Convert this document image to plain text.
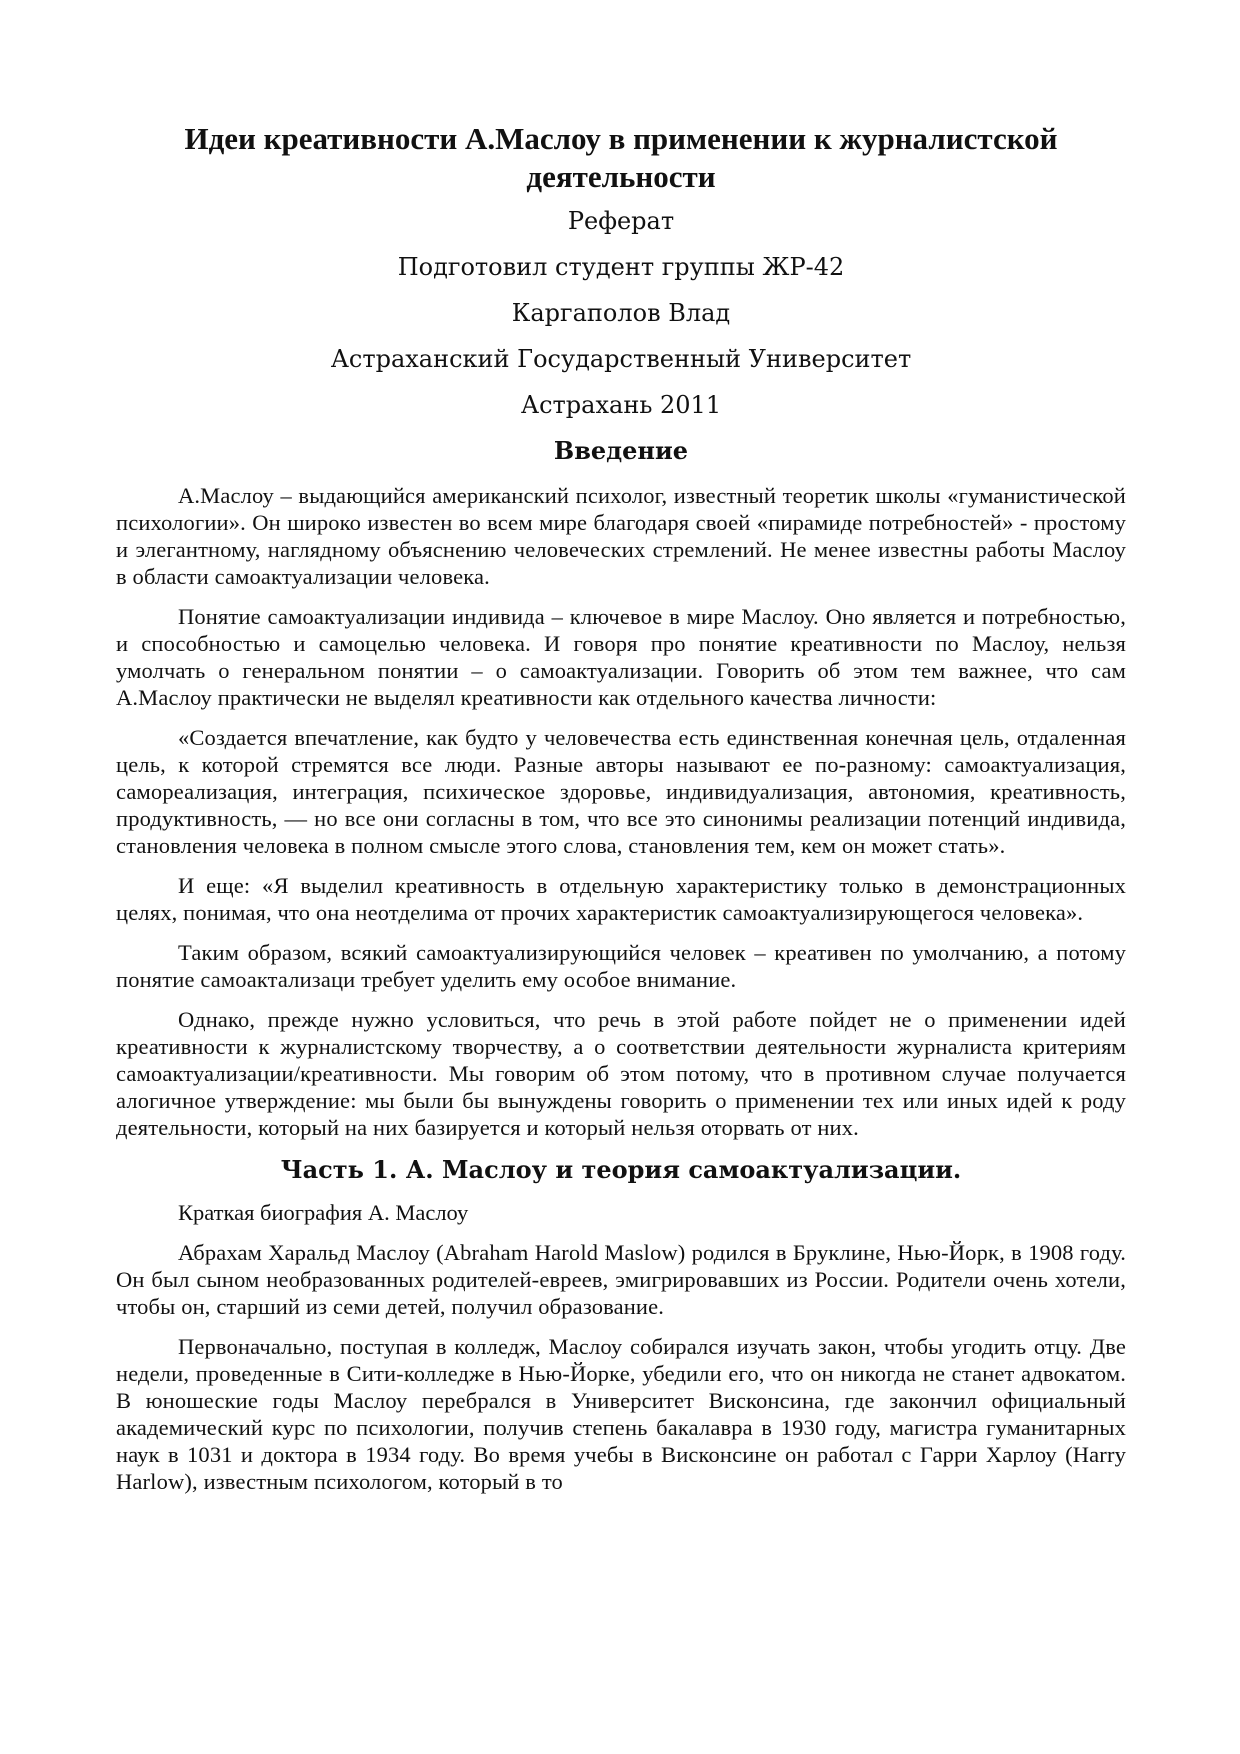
Идеи креативности А.Маслоу в применении к журналистской деятельности
Реферат
Подготовил студент группы ЖР-42
Каргаполов Влад
Астраханский Государственный Университет
Астрахань 2011
Введение

А.Маслоу – выдающийся американский психолог, известный теоретик школы «гуманистической психологии». Он широко известен во всем мире благодаря своей «пирамиде потребностей» - простому и элегантному, наглядному объяснению человеческих стремлений. Не менее известны работы Маслоу в области самоактуализации человека.

Понятие самоактуализации индивида – ключевое в мире Маслоу. Оно является и потребностью, и способностью и самоцелью человека. И говоря про понятие креативности по Маслоу, нельзя умолчать о генеральном понятии – о самоактуализации. Говорить об этом тем важнее, что сам А.Маслоу практически не выделял креативности как отдельного качества личности:

«Создается впечатление, как будто у человечества есть единственная конечная цель, отдаленная цель, к которой стремятся все люди. Разные авторы называют ее по-разному: самоактуализация, самореализация, интеграция, психическое здоровье, индивидуализация, автономия, креативность, продуктивность, — но все они согласны в том, что все это синонимы реализации потенций индивида, становления человека в полном смысле этого слова, становления тем, кем он может стать».

И еще: «Я выделил креативность в отдельную характеристику только в демонстрационных целях, понимая, что она неотделима от прочих характеристик самоактуализирующегося человека».

Таким образом, всякий самоактуализирующийся человек – креативен по умолчанию, а потому понятие самоактализаци требует уделить ему особое внимание.

Однако, прежде нужно условиться, что речь в этой работе пойдет не о применении идей креативности к журналистскому творчеству, а о соответствии деятельности журналиста критериям самоактуализации/креативности. Мы говорим об этом потому, что в противном случае получается алогичное утверждение: мы были бы вынуждены говорить о применении тех или иных идей к роду деятельности, который на них базируется и который нельзя оторвать от них.

Часть 1. А. Маслоу и теория самоактуализации.

Краткая биография А. Маслоу

Абрахам Харальд Маслоу (Abraham Harold Maslow) родился в Бруклине, Нью-Йорк, в 1908 году. Он был сыном необразованных родителей-евреев, эмигрировавших из России. Родители очень хотели, чтобы он, старший из семи детей, получил образование.

Первоначально, поступая в колледж, Маслоу собирался изучать закон, чтобы угодить отцу. Две недели, проведенные в Сити-колледже в Нью-Йорке, убедили его, что он никогда не станет адвокатом. В юношеские годы Маслоу перебрался в Университет Висконсина, где закончил официальный академический курс по психологии, получив степень бакалавра в 1930 году, магистра гуманитарных наук в 1031 и доктора в 1934 году. Во время учебы в Висконсине он работал с Гарри Харлоу (Harry Harlow), известным психологом, который в то
